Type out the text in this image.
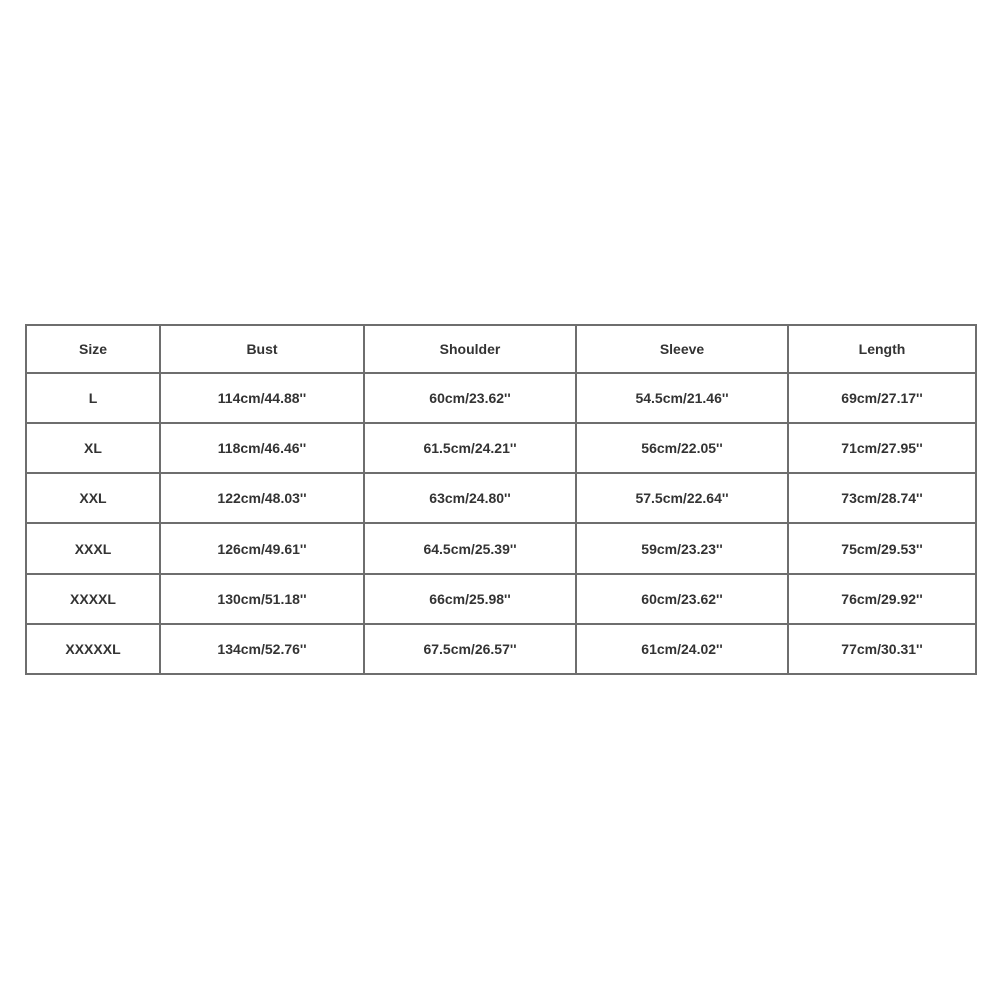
Size	Bust	Shoulder	Sleeve	Length
L	114cm/44.88''	60cm/23.62''	54.5cm/21.46''	69cm/27.17''
XL	118cm/46.46''	61.5cm/24.21''	56cm/22.05''	71cm/27.95''
XXL	122cm/48.03''	63cm/24.80''	57.5cm/22.64''	73cm/28.74''
XXXL	126cm/49.61''	64.5cm/25.39''	59cm/23.23''	75cm/29.53''
XXXXL	130cm/51.18''	66cm/25.98''	60cm/23.62''	76cm/29.92''
XXXXXL	134cm/52.76''	67.5cm/26.57''	61cm/24.02''	77cm/30.31''
